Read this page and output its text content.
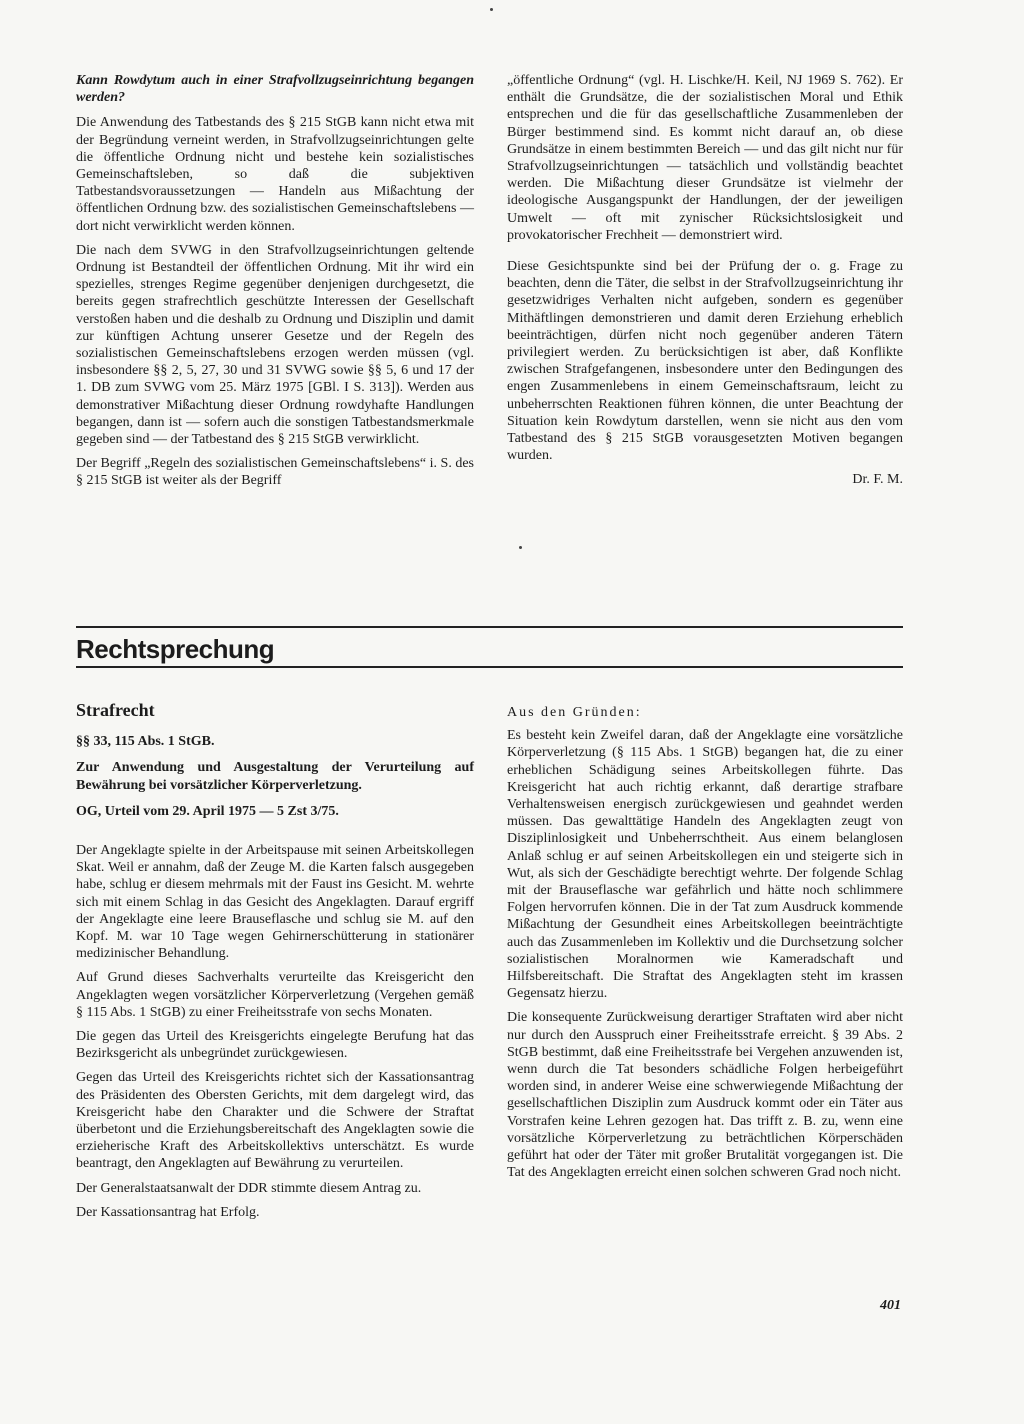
Kann Rowdytum auch in einer Strafvollzugseinrichtung begangen werden?

Die Anwendung des Tatbestands des § 215 StGB kann nicht etwa mit der Begründung verneint werden, in Strafvollzugseinrichtungen gelte die öffentliche Ordnung nicht und bestehe kein sozialistisches Gemeinschaftsleben, so daß die subjektiven Tatbestandsvoraussetzungen — Handeln aus Mißachtung der öffentlichen Ordnung bzw. des sozialistischen Gemeinschaftslebens — dort nicht verwirklicht werden können.

Die nach dem SVWG in den Strafvollzugseinrichtungen geltende Ordnung ist Bestandteil der öffentlichen Ordnung. Mit ihr wird ein spezielles, strenges Regime gegenüber denjenigen durchgesetzt, die bereits gegen strafrechtlich geschützte Interessen der Gesellschaft verstoßen haben und die deshalb zu Ordnung und Disziplin und damit zur künftigen Achtung unserer Gesetze und der Regeln des sozialistischen Gemeinschaftslebens erzogen werden müssen (vgl. insbesondere §§ 2, 5, 27, 30 und 31 SVWG sowie §§ 5, 6 und 17 der 1. DB zum SVWG vom 25. März 1975 [GBl. I S. 313]). Werden aus demonstrativer Mißachtung dieser Ordnung rowdyhafte Handlungen begangen, dann ist — sofern auch die sonstigen Tatbestandsmerkmale gegeben sind — der Tatbestand des § 215 StGB verwirklicht.

Der Begriff „Regeln des sozialistischen Gemeinschaftslebens“ i. S. des § 215 StGB ist weiter als der Begriff

„öffentliche Ordnung“ (vgl. H. Lischke/H. Keil, NJ 1969 S. 762). Er enthält die Grundsätze, die der sozialistischen Moral und Ethik entsprechen und die für das gesellschaftliche Zusammenleben der Bürger bestimmend sind. Es kommt nicht darauf an, ob diese Grundsätze in einem bestimmten Bereich — und das gilt nicht nur für Strafvollzugseinrichtungen — tatsächlich und vollständig beachtet werden. Die Mißachtung dieser Grundsätze ist vielmehr der ideologische Ausgangspunkt der Handlungen, der der jeweiligen Umwelt — oft mit zynischer Rücksichtslosigkeit und provokatorischer Frechheit — demonstriert wird.

Diese Gesichtspunkte sind bei der Prüfung der o. g. Frage zu beachten, denn die Täter, die selbst in der Strafvollzugseinrichtung ihr gesetzwidriges Verhalten nicht aufgeben, sondern es gegenüber Mithäftlingen demonstrieren und damit deren Erziehung erheblich beeinträchtigen, dürfen nicht noch gegenüber anderen Tätern privilegiert werden. Zu berücksichtigen ist aber, daß Konflikte zwischen Strafgefangenen, insbesondere unter den Bedingungen des engen Zusammenlebens in einem Gemeinschaftsraum, leicht zu unbeherrschten Reaktionen führen können, die unter Beachtung der Situation kein Rowdytum darstellen, wenn sie nicht aus den vom Tatbestand des § 215 StGB vorausgesetzten Motiven begangen wurden.

Dr. F. M.

Rechtsprechung

Strafrecht

§§ 33, 115 Abs. 1 StGB.

Zur Anwendung und Ausgestaltung der Verurteilung auf Bewährung bei vorsätzlicher Körperverletzung.

OG, Urteil vom 29. April 1975 — 5 Zst 3/75.

Der Angeklagte spielte in der Arbeitspause mit seinen Arbeitskollegen Skat. Weil er annahm, daß der Zeuge M. die Karten falsch ausgegeben habe, schlug er diesem mehrmals mit der Faust ins Gesicht. M. wehrte sich mit einem Schlag in das Gesicht des Angeklagten. Darauf ergriff der Angeklagte eine leere Brauseflasche und schlug sie M. auf den Kopf. M. war 10 Tage wegen Gehirnerschütterung in stationärer medizinischer Behandlung.

Auf Grund dieses Sachverhalts verurteilte das Kreisgericht den Angeklagten wegen vorsätzlicher Körperverletzung (Vergehen gemäß § 115 Abs. 1 StGB) zu einer Freiheitsstrafe von sechs Monaten.

Die gegen das Urteil des Kreisgerichts eingelegte Berufung hat das Bezirksgericht als unbegründet zurückgewiesen.

Gegen das Urteil des Kreisgerichts richtet sich der Kassationsantrag des Präsidenten des Obersten Gerichts, mit dem dargelegt wird, das Kreisgericht habe den Charakter und die Schwere der Straftat überbetont und die Erziehungsbereitschaft des Angeklagten sowie die erzieherische Kraft des Arbeitskollektivs unterschätzt. Es wurde beantragt, den Angeklagten auf Bewährung zu verurteilen.

Der Generalstaatsanwalt der DDR stimmte diesem Antrag zu.

Der Kassationsantrag hat Erfolg.

Aus den Gründen:

Es besteht kein Zweifel daran, daß der Angeklagte eine vorsätzliche Körperverletzung (§ 115 Abs. 1 StGB) begangen hat, die zu einer erheblichen Schädigung seines Arbeitskollegen führte. Das Kreisgericht hat auch richtig erkannt, daß derartige strafbare Verhaltensweisen energisch zurückgewiesen und geahndet werden müssen. Das gewalttätige Handeln des Angeklagten zeugt von Disziplinlosigkeit und Unbeherrschtheit. Aus einem belanglosen Anlaß schlug er auf seinen Arbeitskollegen ein und steigerte sich in Wut, als sich der Geschädigte berechtigt wehrte. Der folgende Schlag mit der Brauseflasche war gefährlich und hätte noch schlimmere Folgen hervorrufen können. Die in der Tat zum Ausdruck kommende Mißachtung der Gesundheit eines Arbeitskollegen beeinträchtigte auch das Zusammenleben im Kollektiv und die Durchsetzung solcher sozialistischen Moralnormen wie Kameradschaft und Hilfsbereitschaft. Die Straftat des Angeklagten steht im krassen Gegensatz hierzu.

Die konsequente Zurückweisung derartiger Straftaten wird aber nicht nur durch den Ausspruch einer Freiheitsstrafe erreicht. § 39 Abs. 2 StGB bestimmt, daß eine Freiheitsstrafe bei Vergehen anzuwenden ist, wenn durch die Tat besonders schädliche Folgen herbeigeführt worden sind, in anderer Weise eine schwerwiegende Mißachtung der gesellschaftlichen Disziplin zum Ausdruck kommt oder ein Täter aus Vorstrafen keine Lehren gezogen hat. Das trifft z. B. zu, wenn eine vorsätzliche Körperverletzung zu beträchtlichen Körperschäden geführt hat oder der Täter mit großer Brutalität vorgegangen ist. Die Tat des Angeklagten erreicht einen solchen schweren Grad noch nicht.

401
